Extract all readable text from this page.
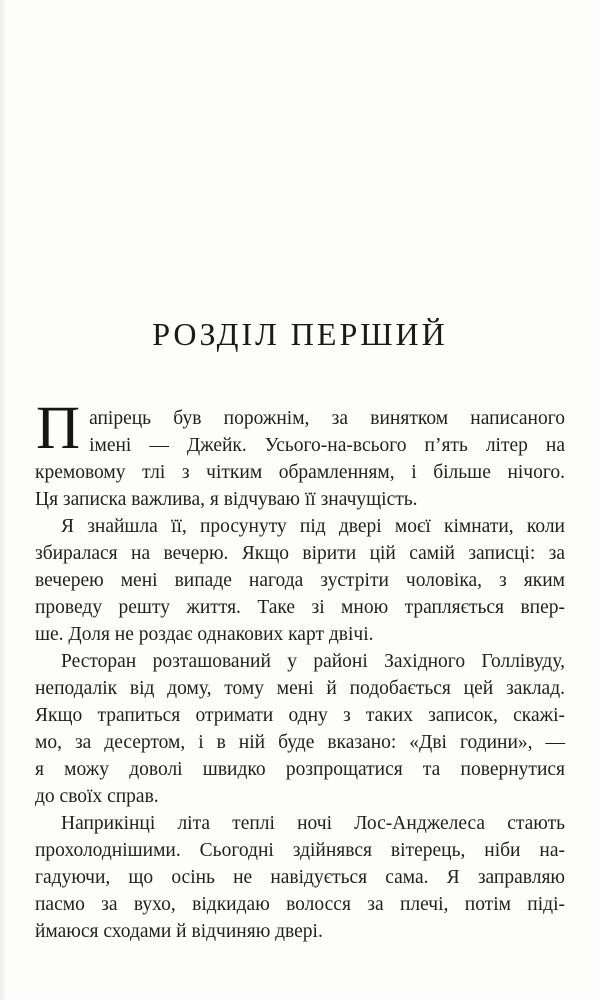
РОЗДІЛ ПЕРШИЙ
П апірець був порожнім, за винятком написаного
імені — Джейк. Усього-на-всього п’ять літер на
кремовому тлі з чітким обрамленням, і більше нічого.
Ця записка важлива, я відчуваю її значущість.
Я знайшла її, просунуту під двері моєї кімнати, коли
збиралася на вечерю. Якщо вірити цій самій записці: за
вечерею мені випаде нагода зустріти чоловіка, з яким
проведу решту життя. Таке зі мною трапляється впер-
ше. Доля не роздає однакових карт двічі.
Ресторан розташований у районі Західного Голлівуду,
неподалік від дому, тому мені й подобається цей заклад.
Якщо трапиться отримати одну з таких записок, скажі-
мо, за десертом, і в ній буде вказано: «Дві години», —
я можу доволі швидко розпрощатися та повернутися
до своїх справ.
Наприкінці літа теплі ночі Лос-Анджелеса стають
прохолоднішими. Сьогодні здійнявся вітерець, ніби на-
гадуючи, що осінь не навідується сама. Я заправляю
пасмо за вухо, відкидаю волосся за плечі, потім піді-
ймаюся сходами й відчиняю двері.
